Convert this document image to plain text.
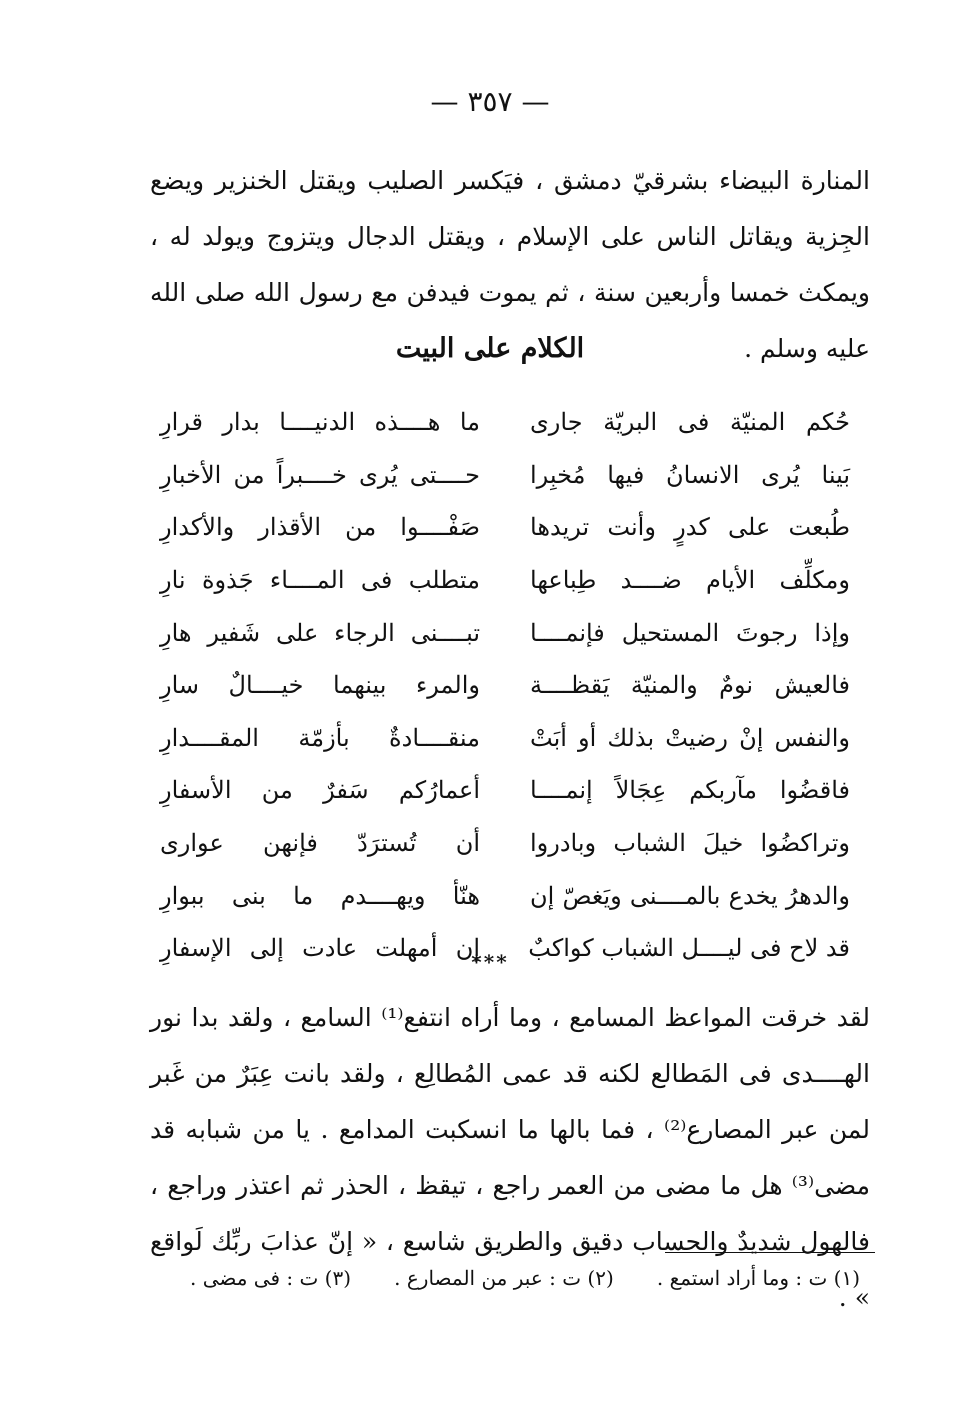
— ٣٥٧ —
المنارة البيضاء بشرقيّ دمشق ، فيَكسر الصليب ويقتل الخنزير ويضع الجِزية ويقاتل الناس على الإسلام ، ويقتل الدجال ويتزوج ويولد له ، ويمكث خمسا وأربعين سنة ، ثم يموت فيدفن مع رسول الله صلى الله عليه وسلم .
الكلام على البيت
حُكم المنيّة فى البريّة جارى
ما هــــذه الدنيــــا بدار قرارِ
بَينا يُرى الانسانُ فيها مُخبِرا
حــــتى يُرى خــــبراً من الأخبارِ
طُبعت على كدرٍ وأنت تريدها
صَفْــــوا من الأقذار والأكدارِ
ومكلِّف الأيام ضــــد طِباعها
متطلب فى المــــاء جَذوة نارِ
وإذا رجوتَ المستحيل فإنمــــا
تبــــنى الرجاء على شَفير هارِ
فالعيش نومٌ والمنيّة يَقظــــة
والمرء بينهما خيــــالٌ سارِ
والنفس إنْ رضيتْ بذلك أو أبَتْ
منقــــادةٌ بأزمّة المقــــدارِ
فاقضُوا مآربكم عِجَالاً إنمــــا
أعمارُكم سَفرٌ من الأسفارِ
وتراكضُوا خيلَ الشباب وبادروا
أن تُسترَدّ فإنهن عوارى
والدهرُ يخدع بالمــــنى ويَغصّ إن
هنّأ ويهــــدم ما بنى ببوارِ
قد لاح فى ليــــل الشباب كواكبٌ
إن أمهلت عادت إلى الإسفارِ
***
لقد خرقت المواعظ المسامع ، وما أراه انتفع⁽¹⁾ السامع ، ولقد بدا نور الهــــدى فى المَطالع لكنه قد عمى المُطالِع ، ولقد بانت عِبَرٌ من غَبر لمن عبر المصارع⁽²⁾ ، فما بالها ما انسكبت المدامع . يا من شبابه قد مضى⁽³⁾ هل ما مضى من العمر راجع ، تيقظ ، الحذر ثم اعتذر وراجع ، فالهول شديدٌ والحساب دقيق والطريق شاسع ، « إنّ عذابَ ربِّك لَواقع » .
(١) ت : وما أراد استمع .
(٢) ت : عبر من المصارع .
(٣) ت : فى مضى .
